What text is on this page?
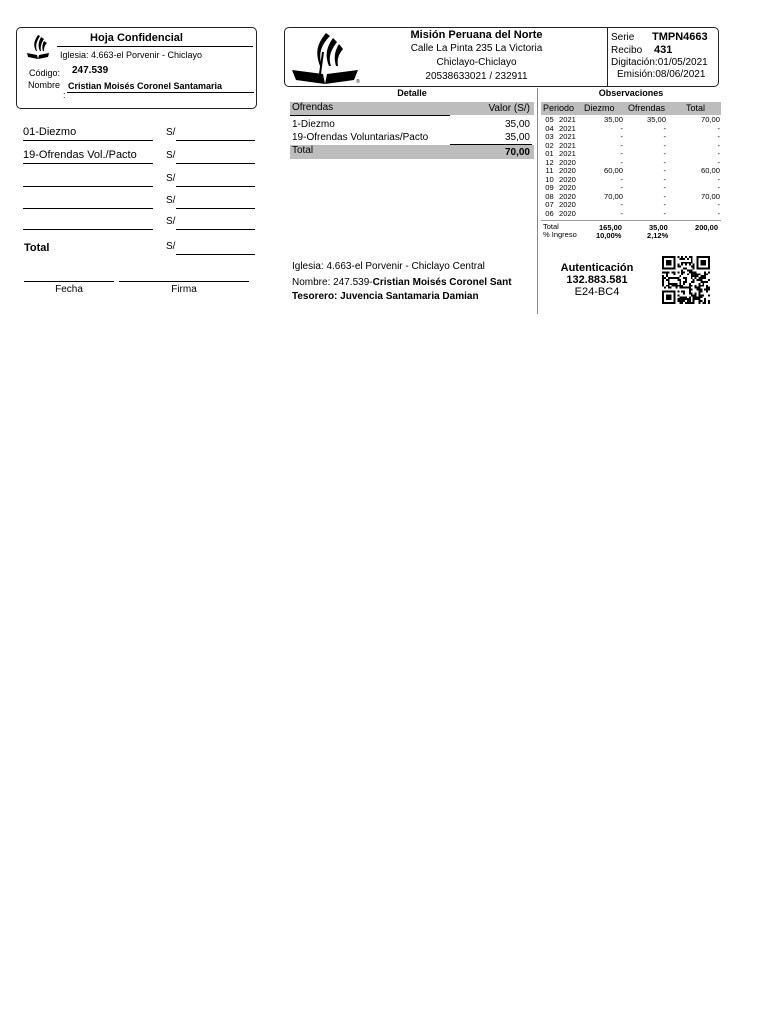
Hoja Confidencial
Iglesia: 4.663-el Porvenir - Chiclayo
Código: 247.539
Nombre
:
Cristian Moisés Coronel Santamaria
01-Diezmo	S/
19-Ofrendas Vol./Pacto	S/
S/
S/
S/
Total	S/
Fecha	Firma
®
Misión Peruana del Norte
Calle La Pinta 235 La Victoria
Chiclayo-Chiclayo
20538633021 / 232911
Serie TMPN4663
Recibo 431
Digitación:01/05/2021
Emisión:08/06/2021
Detalle
Ofrendas	Valor (S/)
1-Diezmo	35,00
19-Ofrendas Voluntarias/Pacto	35,00
Total	70,00
Observaciones
Periodo Diezmo Ofrendas Total
05	2021	35,00	35,00	70,00
04	2021	-	-	-
03	2021	-	-	-
02	2021	-	-	-
01	2021	-	-	-
12	2020	-	-	-
11	2020	60,00	-	60,00
10	2020	-	-	-
09	2020	-	-	-
08	2020	70,00	-	70,00
07	2020	-	-	-
06	2020	-	-	-
Total	165,00	35,00	200,00
% Ingreso	10,00%	2,12%
Iglesia: 4.663-el Porvenir - Chiclayo Central
Nombre: 247.539-Cristian Moisés Coronel Sant
Tesorero: Juvencia Santamaria Damian
Autenticación
132.883.581
E24-BC4
